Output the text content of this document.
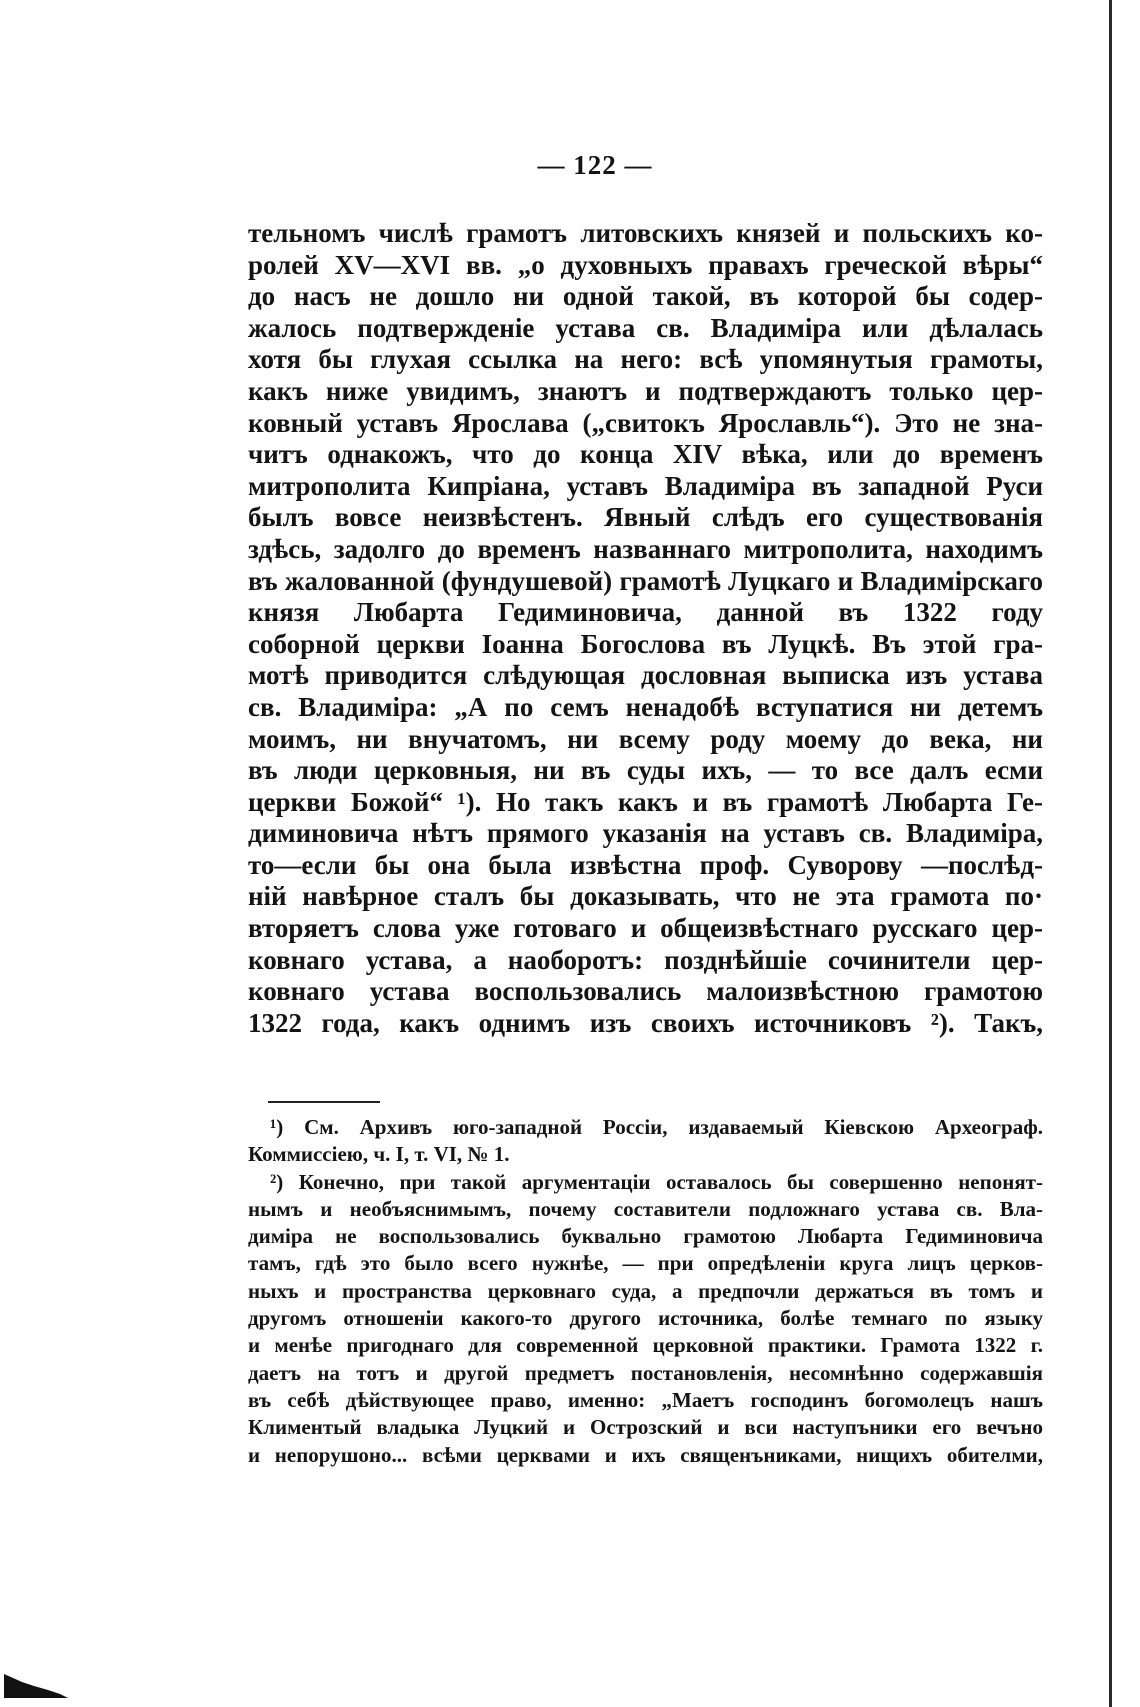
— 122 —
тельномъ числѣ грамотъ литовскихъ князей и польскихъ ко-
ролей XV—XVI вв. „о духовныхъ правахъ греческой вѣры“
до насъ не дошло ни одной такой, въ которой бы содер-
жалось подтвержденіе устава св. Владиміра или дѣлалась
хотя бы глухая ссылка на него: всѣ упомянутыя грамоты,
какъ ниже увидимъ, знаютъ и подтверждаютъ только цер-
ковный уставъ Ярослава („свитокъ Ярославль“). Это не зна-
читъ однакожъ, что до конца XIV вѣка, или до временъ
митрополита Кипріана, уставъ Владиміра въ западной Руси
былъ вовсе неизвѣстенъ. Явный слѣдъ его существованія
здѣсь, задолго до временъ названнаго митрополита, находимъ
въ жалованной (фундушевой) грамотѣ Луцкаго и Владимірскаго
князя Любарта Гедиминовича, данной въ 1322 году
соборной церкви Іоанна Богослова въ Луцкѣ. Въ этой гра-
мотѣ приводится слѣдующая дословная выписка изъ устава
св. Владиміра: „А по семъ ненадобѣ вступатися ни детемъ
моимъ, ни внучатомъ, ни всему роду моему до века, ни
въ люди церковныя, ни въ суды ихъ, — то все далъ есми
церкви Божой“ ¹). Но такъ какъ и въ грамотѣ Любарта Ге-
диминовича нѣтъ прямого указанія на уставъ св. Владиміра,
то—если бы она была извѣстна проф. Суворову —послѣд-
ній навѣрное сталъ бы доказывать, что не эта грамота по·
вторяетъ слова уже готоваго и общеизвѣстнаго русскаго цер-
ковнаго устава, а наоборотъ: позднѣйшіе сочинители цер-
ковнаго устава воспользовались малоизвѣстною грамотою
1322 года, какъ однимъ изъ своихъ источниковъ ²). Такъ,
¹) См. Архивъ юго-западной Россіи, издаваемый Кіевскою Археограф.
Коммиссіею, ч. I, т. VI, № 1.
²) Конечно, при такой аргументаціи оставалось бы совершенно непонят-
нымъ и необъяснимымъ, почему составители подложнаго устава св. Вла-
диміра не воспользовались буквально грамотою Любарта Гедиминовича
тамъ, гдѣ это было всего нужнѣе, — при опредѣленіи круга лицъ церков-
ныхъ и пространства церковнаго суда, а предпочли держаться въ томъ и
другомъ отношеніи какого-то другого источника, болѣе темнаго по языку
и менѣе пригоднаго для современной церковной практики. Грамота 1322 г.
даетъ на тотъ и другой предметъ постановленія, несомнѣнно содержавшія
въ себѣ дѣйствующее право, именно: „Маетъ господинъ богомолецъ нашъ
Климентый владыка Луцкий и Острозский и вси наступъники его вечъно
и непорушоно... всѣми церквами и ихъ священъниками, нищихъ обителми,
